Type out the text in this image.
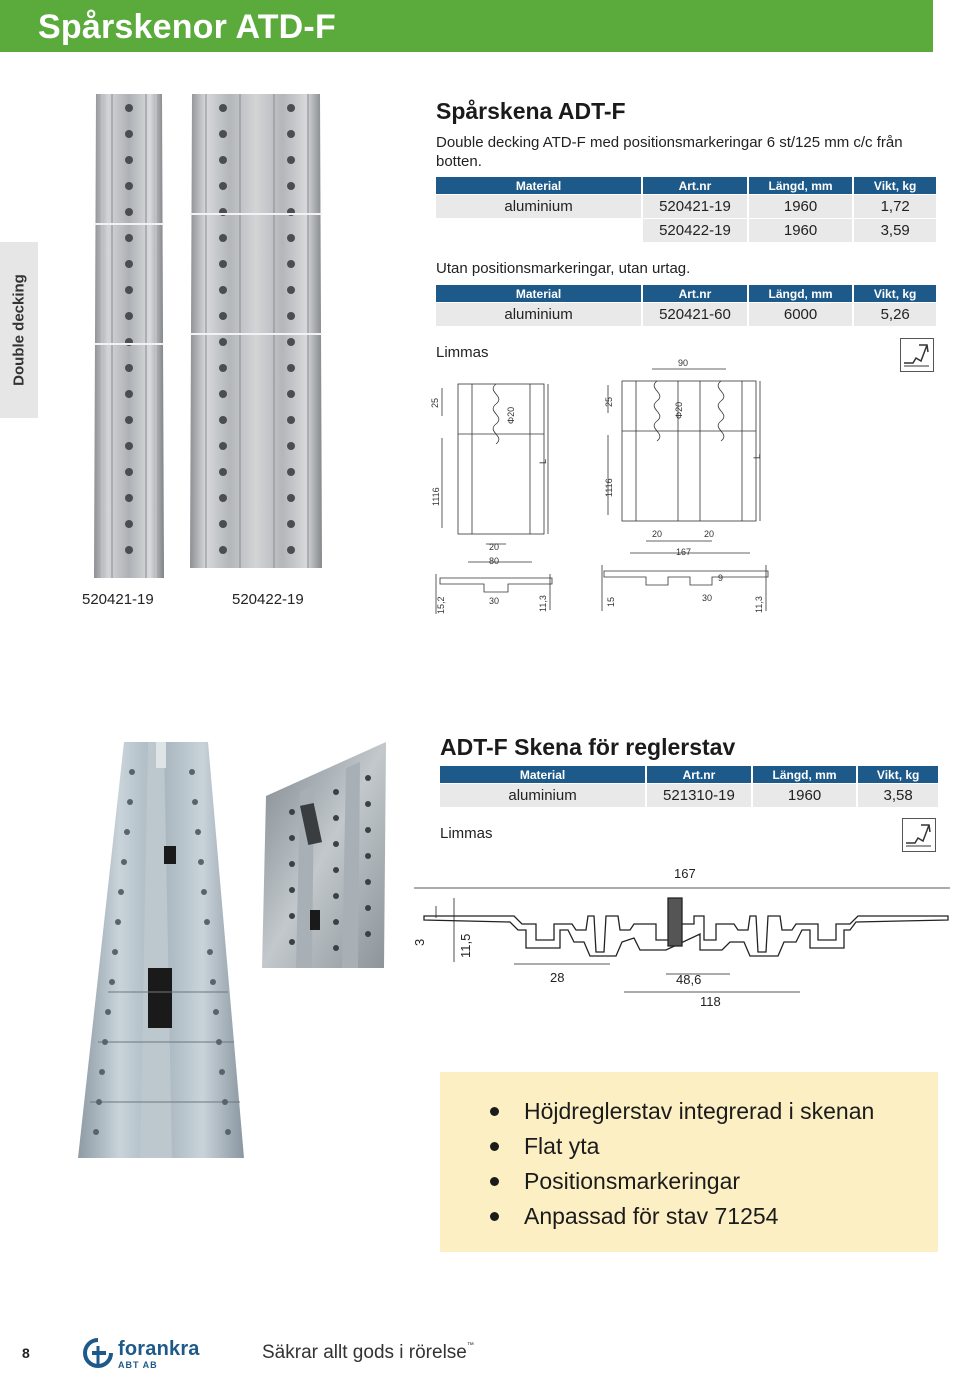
Spårskenor ATD-F
Double decking
520421-19	520422-19
Spårskena ADT-F
Double decking ATD-F med positionsmarkeringar 6 st/125 mm c/c från botten.
Material	Art.nr	Längd, mm	Vikt, kg
aluminium	520421-19	1960	1,72
	520422-19	1960	3,59
Utan positionsmarkeringar, utan urtag.
Material	Art.nr	Längd, mm	Vikt, kg
aluminium	520421-60	6000	5,26
Limmas
25
Φ20
L
1116
20
80
30
15,2	11,3
90
25	Φ20
L
1116
20	20
167
15	30
9
11,3
ADT-F Skena för reglerstav
Material	Art.nr	Längd, mm	Vikt, kg
aluminium	521310-19	1960	3,58
Limmas
167
3 11,5
28	48,6
118
Höjdreglerstav integrerad i skenan
Flat yta
Positionsmarkeringar
Anpassad för stav 71254
8	forankra
ABT AB
Säkrar allt gods i rörelse™
